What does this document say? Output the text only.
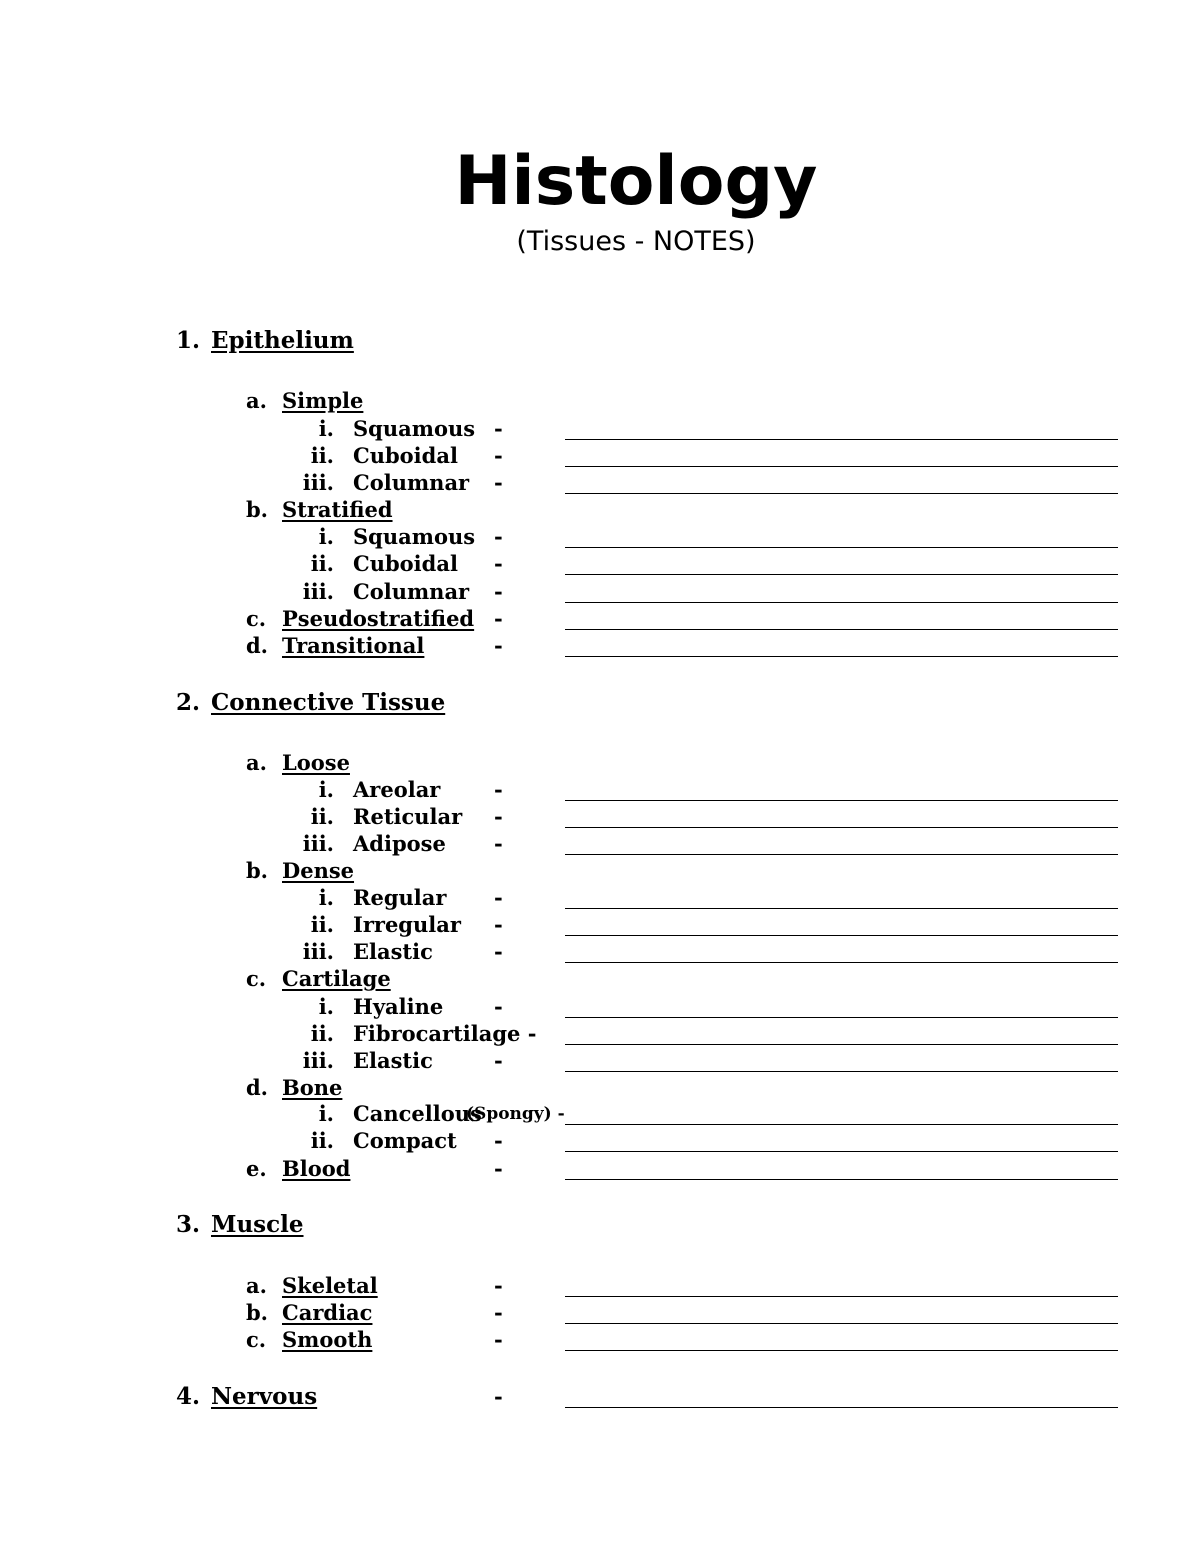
Histology
(Tissues - NOTES)
1. Epithelium
a. Simple
i. Squamous -
ii. Cuboidal -
iii. Columnar -
b. Stratified
i. Squamous -
ii. Cuboidal -
iii. Columnar -
c. Pseudostratified -
d. Transitional	-
2. Connective Tissue
a. Loose
i. Areolar	-
ii. Reticular -
iii. Adipose -
b. Dense
i. Regular -
ii. Irregular -
iii. Elastic	-
c. Cartilage
i. Hyaline -
ii. Fibrocartilage -
iii. Elastic	-
d. Bone
i. Cancellous
(Spongy) -
ii. Compact -
e. Blood	-
3. Muscle
a. Skeletal	-
b. Cardiac	-
c. Smooth	-
4. Nervous	-
